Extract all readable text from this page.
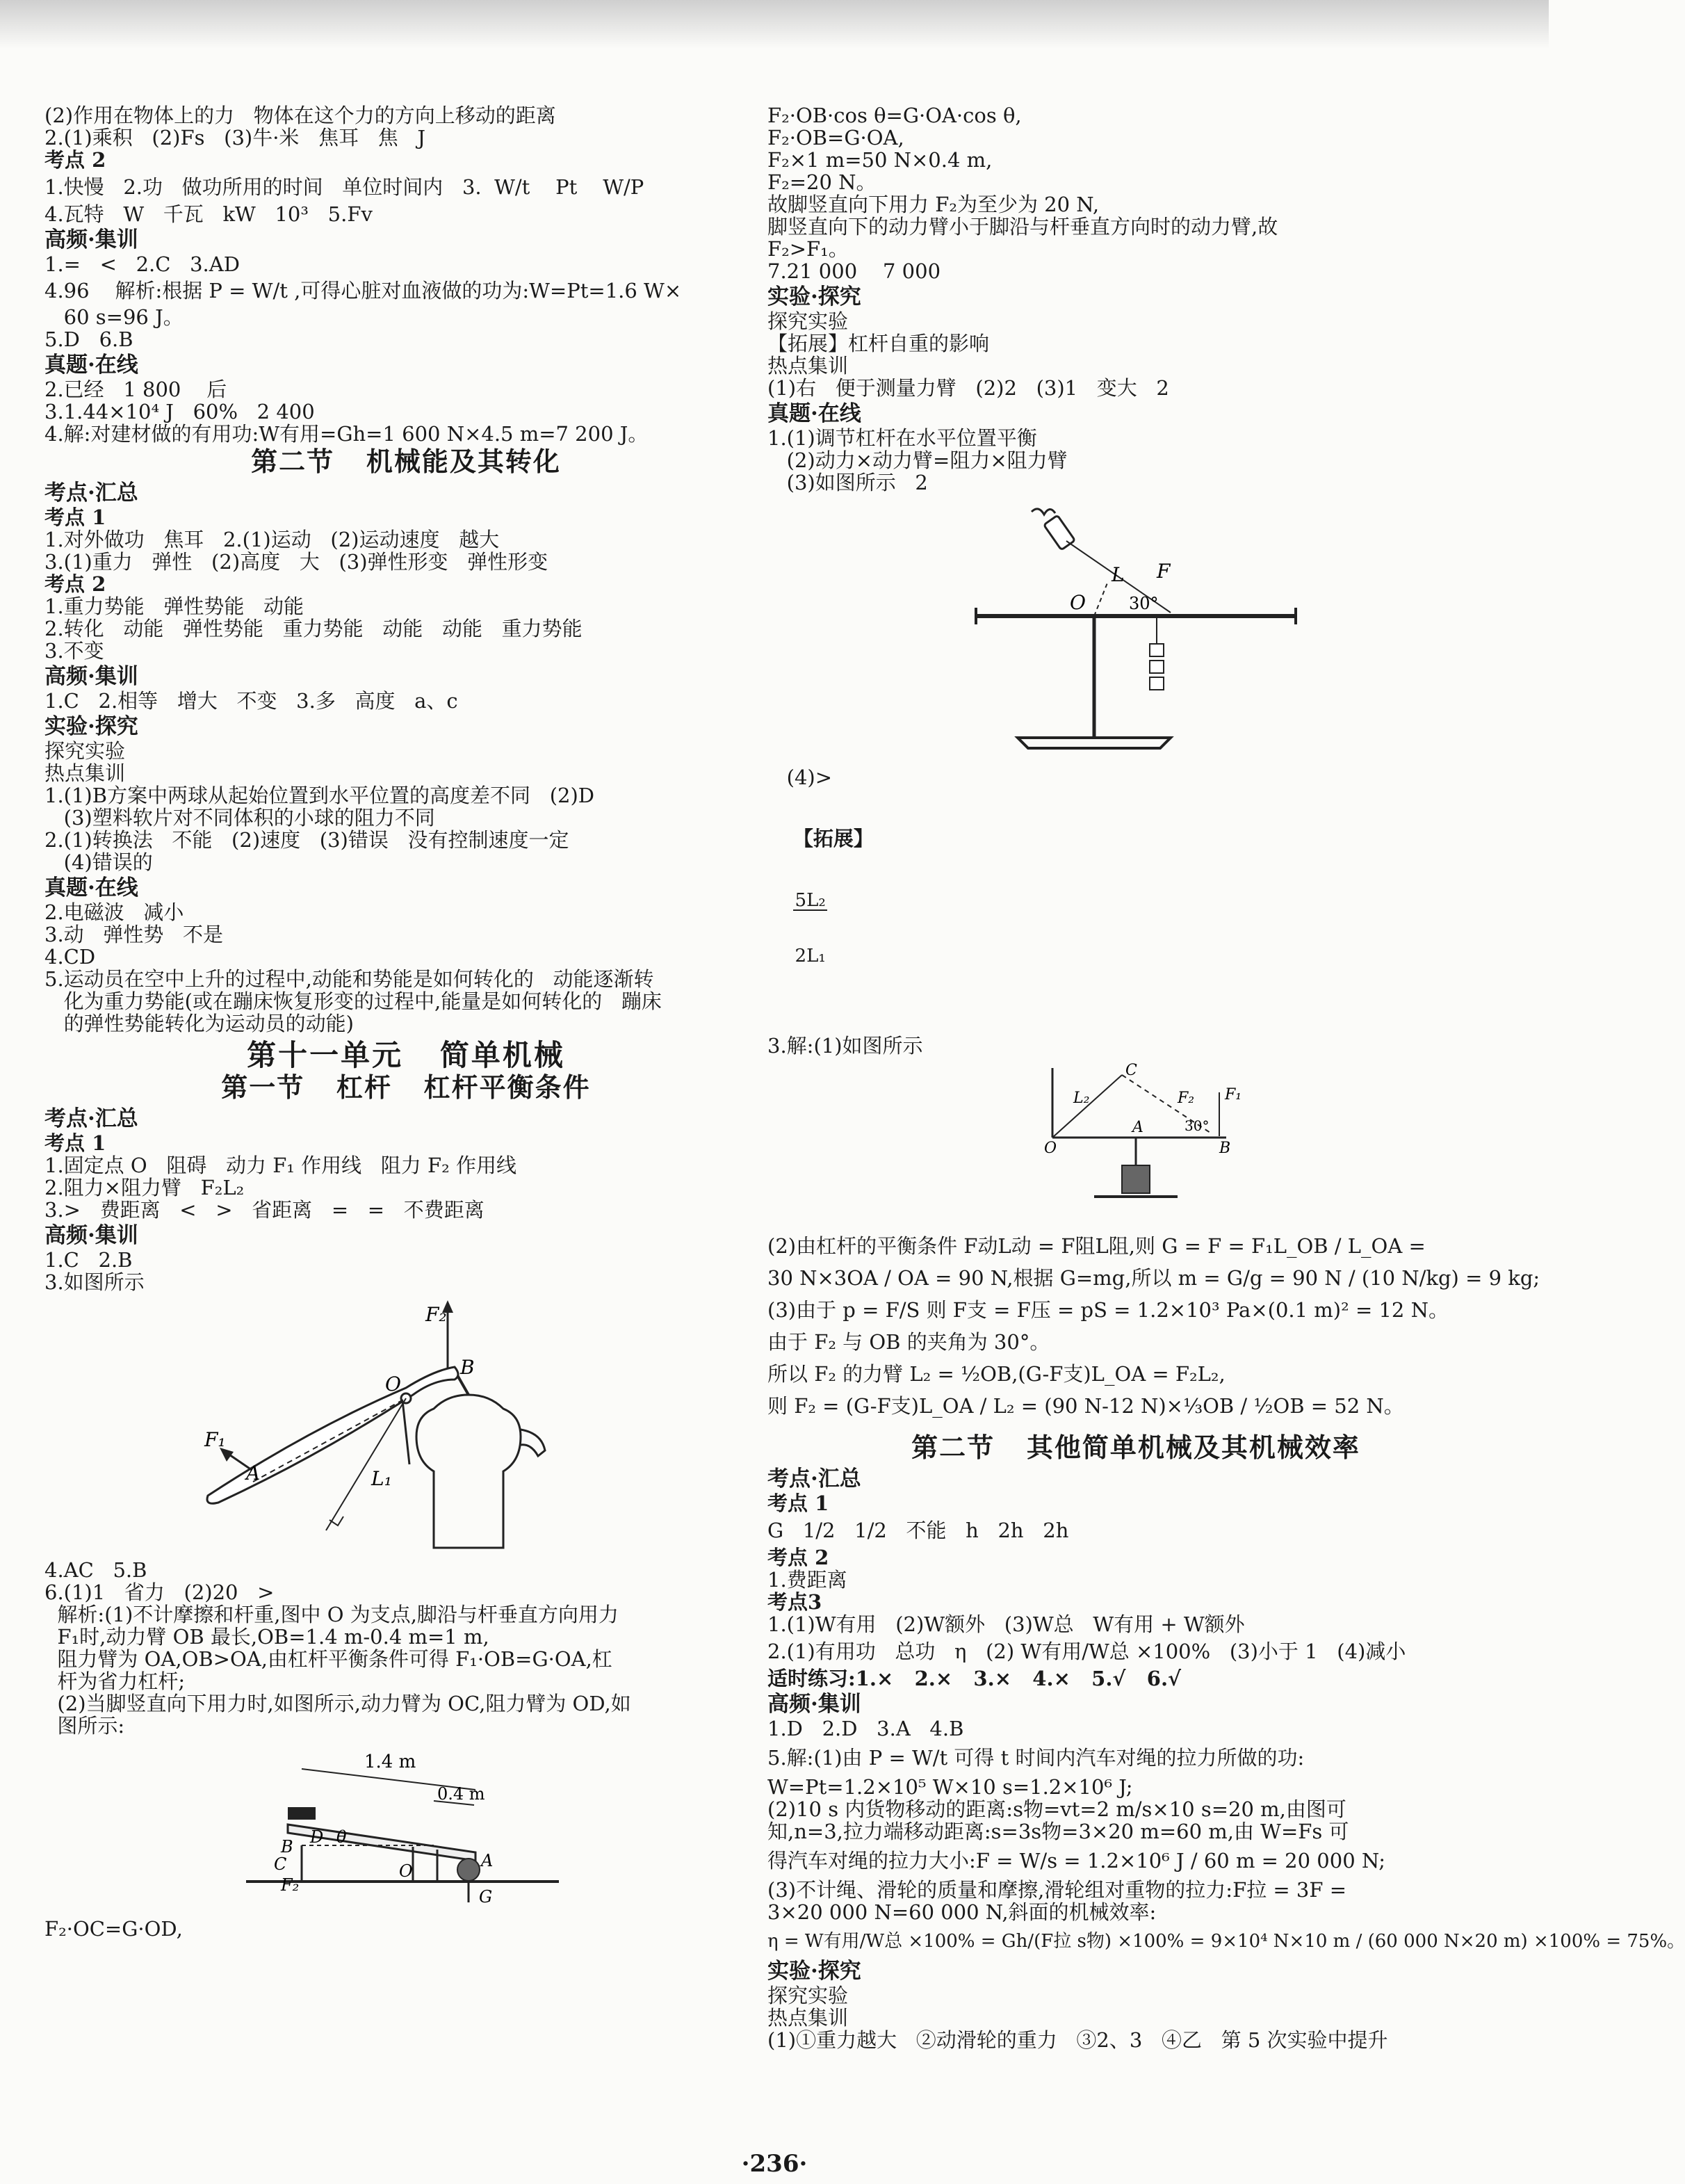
(2)作用在物体上的力   物体在这个力的方向上移动的距离

2.(1)乘积   (2)Fs   (3)牛·米   焦耳   焦   J

考点 2

1.快慢   2.功   做功所用的时间   单位时间内   3.  W/t    Pt    W/P

4.瓦特   W   千瓦   kW   10³   5.Fv

高频·集训

1.=   <   2.C   3.AD

4.96    解析:根据 P = W/t ,可得心脏对血液做的功为:W=Pt=1.6 W×

60 s=96 J。

5.D   6.B

真题·在线

2.已经   1 800    后

3.1.44×10⁴ J   60%   2 400

4.解:对建材做的有用功:W有用=Gh=1 600 N×4.5 m=7 200 J。

第二节   机械能及其转化
考点·汇总

考点 1

1.对外做功   焦耳   2.(1)运动   (2)运动速度   越大

3.(1)重力   弹性   (2)高度   大   (3)弹性形变   弹性形变

考点 2

1.重力势能   弹性势能   动能

2.转化   动能   弹性势能   重力势能   动能   动能   重力势能

3.不变

高频·集训

1.C   2.相等   增大   不变   3.多   高度   a、c

实验·探究

探究实验

热点集训

1.(1)B方案中两球从起始位置到水平位置的高度差不同   (2)D

(3)塑料软片对不同体积的小球的阻力不同

2.(1)转换法   不能   (2)速度   (3)错误   没有控制速度一定

(4)错误的

真题·在线

2.电磁波   减小

3.动   弹性势   不是

4.CD

5.运动员在空中上升的过程中,动能和势能是如何转化的   动能逐渐转

化为重力势能(或在蹦床恢复形变的过程中,能量是如何转化的   蹦床

的弹性势能转化为运动员的动能)

第十一单元   简单机械
第一节   杠杆   杠杆平衡条件
考点·汇总

考点 1

1.固定点 O   阻碍   动力 F₁ 作用线   阻力 F₂ 作用线

2.阻力×阻力臂   F₂L₂

3.>   费距离   <   >   省距离   =   =   不费距离

高频·集训

1.C   2.B

3.如图所示

F₂
B
O
F₁
A	L₁

4.AC   5.B

6.(1)1   省力   (2)20   >

解析:(1)不计摩擦和杆重,图中 O 为支点,脚沿与杆垂直方向用力

F₁时,动力臂 OB 最长,OB=1.4 m-0.4 m=1 m,

阻力臂为 OA,OB>OA,由杠杆平衡条件可得 F₁·OB=G·OA,杠

杆为省力杠杆;

(2)当脚竖直向下用力时,如图所示,动力臂为 OC,阻力臂为 OD,如

图所示:

1.4 m
0.4 m
B
C
D θ
O
A
F₂
G

F₂·OC=G·OD,

F₂·OB·cos θ=G·OA·cos θ,

F₂·OB=G·OA,

F₂×1 m=50 N×0.4 m,

F₂=20 N。

故脚竖直向下用力 F₂为至少为 20 N,

脚竖直向下的动力臂小于脚沿与杆垂直方向时的动力臂,故

F₂>F₁。

7.21 000    7 000

实验·探究

探究实验

【拓展】杠杆自重的影响

热点集训

(1)右   便于测量力臂   (2)2   (3)1   变大   2

真题·在线

1.(1)调节杠杆在水平位置平衡

(2)动力×动力臂=阻力×阻力臂

(3)如图所示   2

L F
O	30°

(4)>

【拓展】

$\frac{\text{5L₂}}{\text{2L₁}}$

3.解:(1)如图所示

C
L₂	F₂ F₁
A
O	B
30°

(2)由杠杆的平衡条件 F动L动 = F阻L阻,则 G = F = F₁L_OB / L_OA =

30 N×3OA / OA = 90 N,根据 G=mg,所以 m = G/g = 90 N / (10 N/kg) = 9 kg;

(3)由于 p = F/S 则 F支 = F压 = pS = 1.2×10³ Pa×(0.1 m)² = 12 N。

由于 F₂ 与 OB 的夹角为 30°。

所以 F₂ 的力臂 L₂ = ½OB,(G-F支)L_OA = F₂L₂,

则 F₂ = (G-F支)L_OA / L₂ = (90 N-12 N)×⅓OB / ½OB = 52 N。

第二节   其他简单机械及其机械效率
考点·汇总

考点 1

G   1/2   1/2   不能   h   2h   2h

考点 2

1.费距离

考点3

1.(1)W有用   (2)W额外   (3)W总   W有用 + W额外

2.(1)有用功   总功   η   (2) W有用/W总 ×100%   (3)小于 1   (4)减小

适时练习:1.×   2.×   3.×   4.×   5.√   6.√

高频·集训

1.D   2.D   3.A   4.B

5.解:(1)由 P = W/t 可得 t 时间内汽车对绳的拉力所做的功:

W=Pt=1.2×10⁵ W×10 s=1.2×10⁶ J;

(2)10 s 内货物移动的距离:s物=vt=2 m/s×10 s=20 m,由图可

知,n=3,拉力端移动距离:s=3s物=3×20 m=60 m,由 W=Fs 可

得汽车对绳的拉力大小:F = W/s = 1.2×10⁶ J / 60 m = 20 000 N;

(3)不计绳、滑轮的质量和摩擦,滑轮组对重物的拉力:F拉 = 3F =

3×20 000 N=60 000 N,斜面的机械效率:

η = W有用/W总 ×100% = Gh/(F拉 s物) ×100% = 9×10⁴ N×10 m / (60 000 N×20 m) ×100% = 75%。

实验·探究

探究实验

热点集训

(1)①重力越大   ②动滑轮的重力   ③2、3   ④乙   第 5 次实验中提升

·236·
